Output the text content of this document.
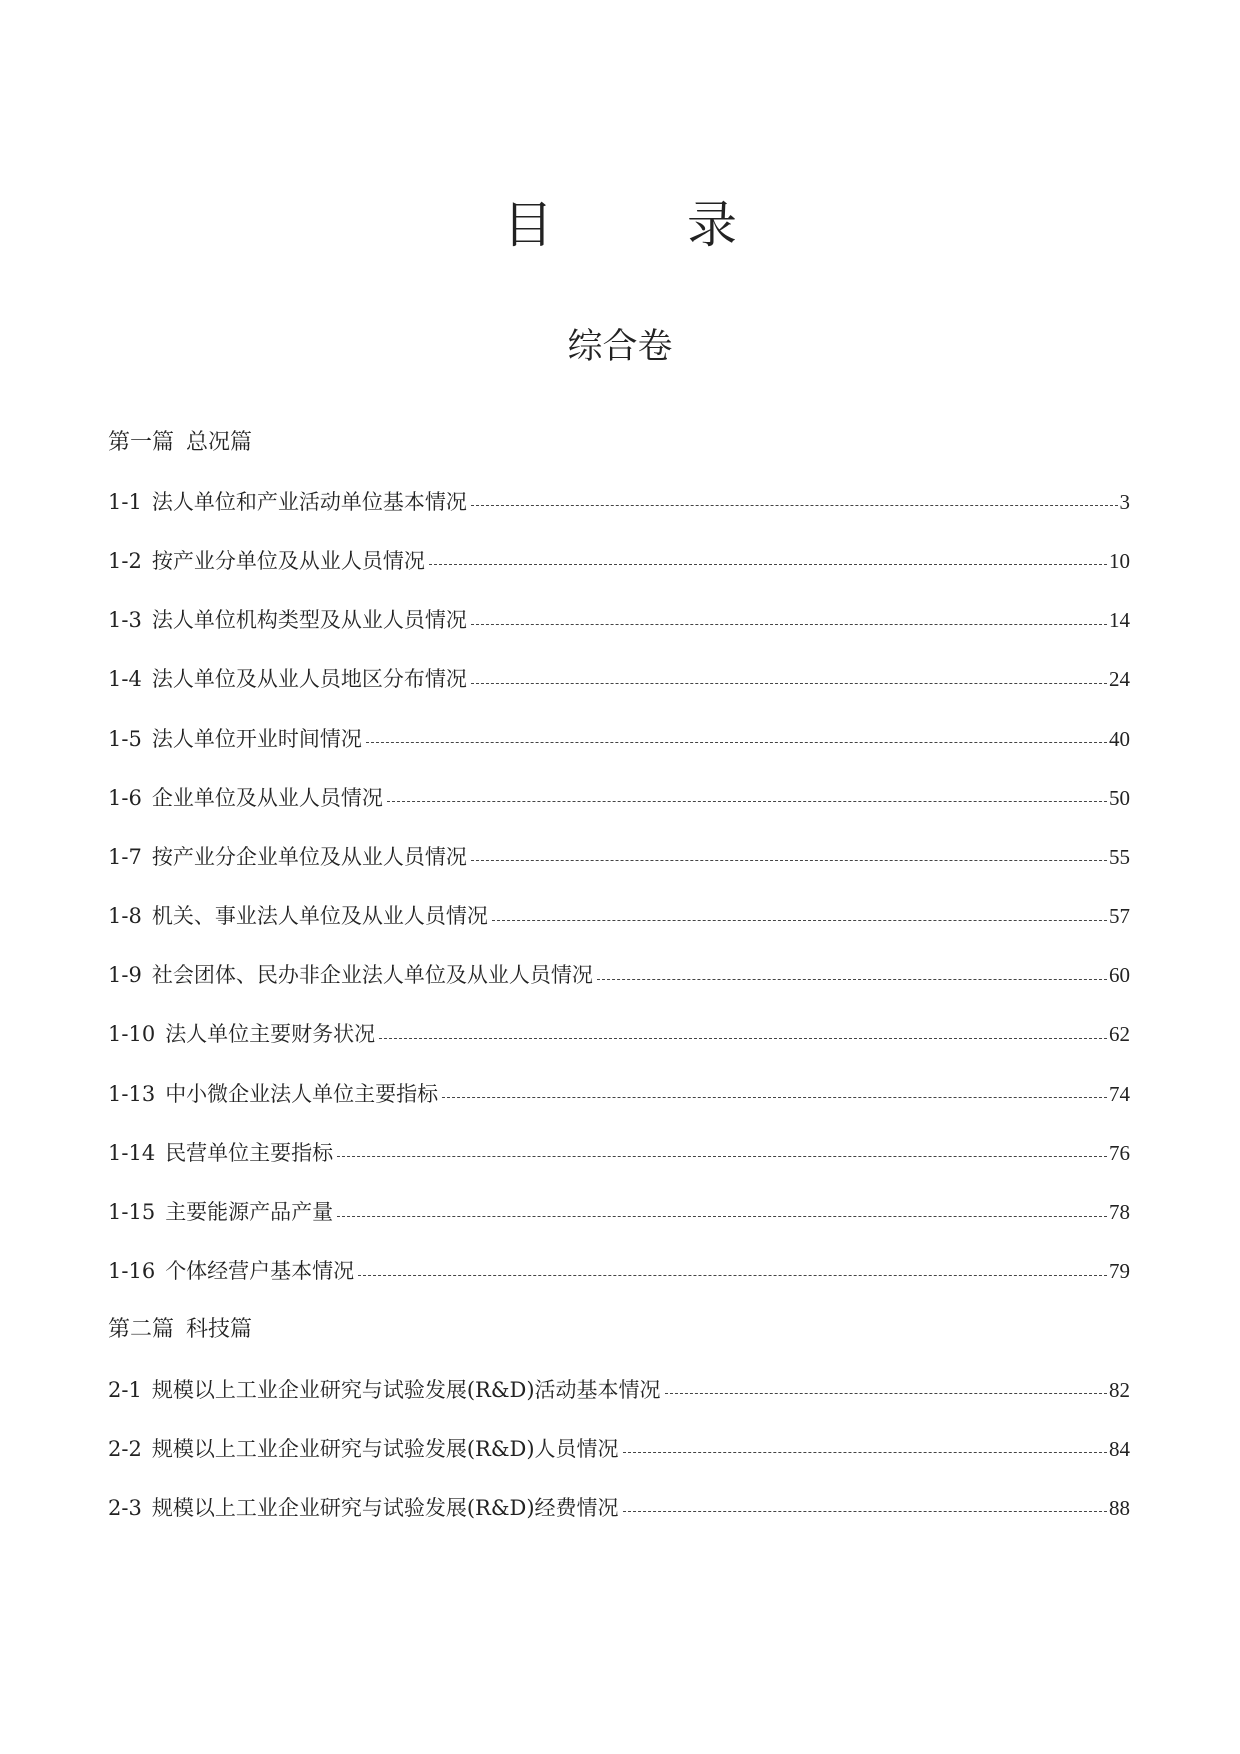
目　录
综合卷
第一篇 总况篇
1-1 法人单位和产业活动单位基本情况	3
1-2 按产业分单位及从业人员情况	10
1-3 法人单位机构类型及从业人员情况	14
1-4 法人单位及从业人员地区分布情况	24
1-5 法人单位开业时间情况	40
1-6 企业单位及从业人员情况	50
1-7 按产业分企业单位及从业人员情况	55
1-8 机关、事业法人单位及从业人员情况	57
1-9 社会团体、民办非企业法人单位及从业人员情况	60
1-10 法人单位主要财务状况	62
1-13 中小微企业法人单位主要指标	74
1-14 民营单位主要指标	76
1-15 主要能源产品产量	78
1-16 个体经营户基本情况	79
第二篇 科技篇
2-1 规模以上工业企业研究与试验发展(R&D)活动基本情况	82
2-2 规模以上工业企业研究与试验发展(R&D)人员情况	84
2-3 规模以上工业企业研究与试验发展(R&D)经费情况	88
